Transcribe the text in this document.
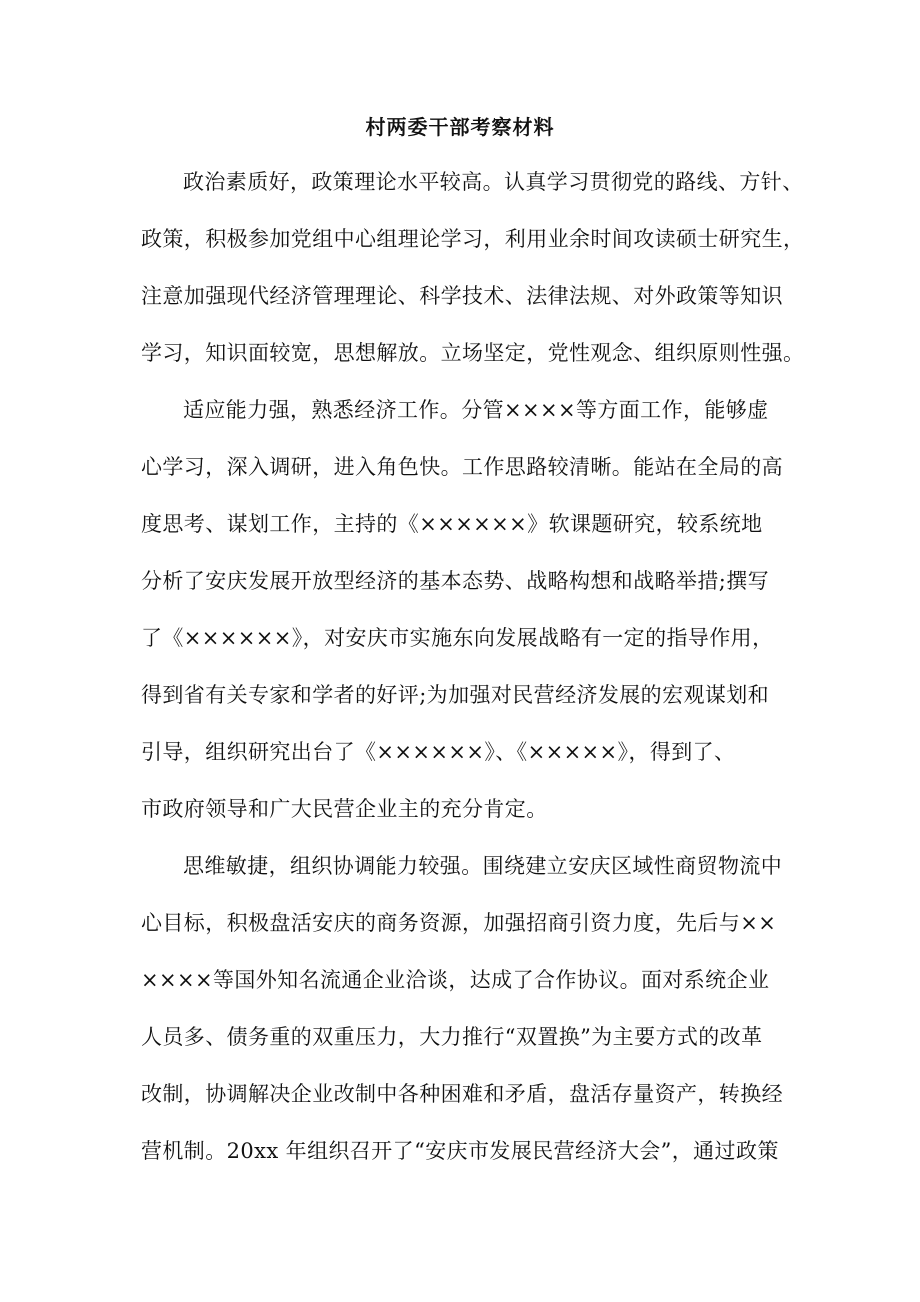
村两委干部考察材料
政治素质好，政策理论水平较高。认真学习贯彻党的路线、方针、
政策，积极参加党组中心组理论学习，利用业余时间攻读硕士研究生，
注意加强现代经济管理理论、科学技术、法律法规、对外政策等知识
学习，知识面较宽，思想解放。立场坚定，党性观念、组织原则性强。
适应能力强，熟悉经济工作。分管××××等方面工作，能够虚
心学习，深入调研，进入角色快。工作思路较清晰。能站在全局的高
度思考、谋划工作，主持的《××××××》软课题研究，较系统地
分析了安庆发展开放型经济的基本态势、战略构想和战略举措;撰写
了《××××××》，对安庆市实施东向发展战略有一定的指导作用，
得到省有关专家和学者的好评;为加强对民营经济发展的宏观谋划和
引导，组织研究出台了《××××××》、《×××××》，得到了、
市政府领导和广大民营企业主的充分肯定。
思维敏捷，组织协调能力较强。围绕建立安庆区域性商贸物流中
心目标，积极盘活安庆的商务资源，加强招商引资力度，先后与××
××××等国外知名流通企业洽谈，达成了合作协议。面对系统企业
人员多、债务重的双重压力，大力推行“双置换”为主要方式的改革
改制，协调解决企业改制中各种困难和矛盾，盘活存量资产，转换经
营机制。20xx 年组织召开了“安庆市发展民营经济大会”，通过政策
